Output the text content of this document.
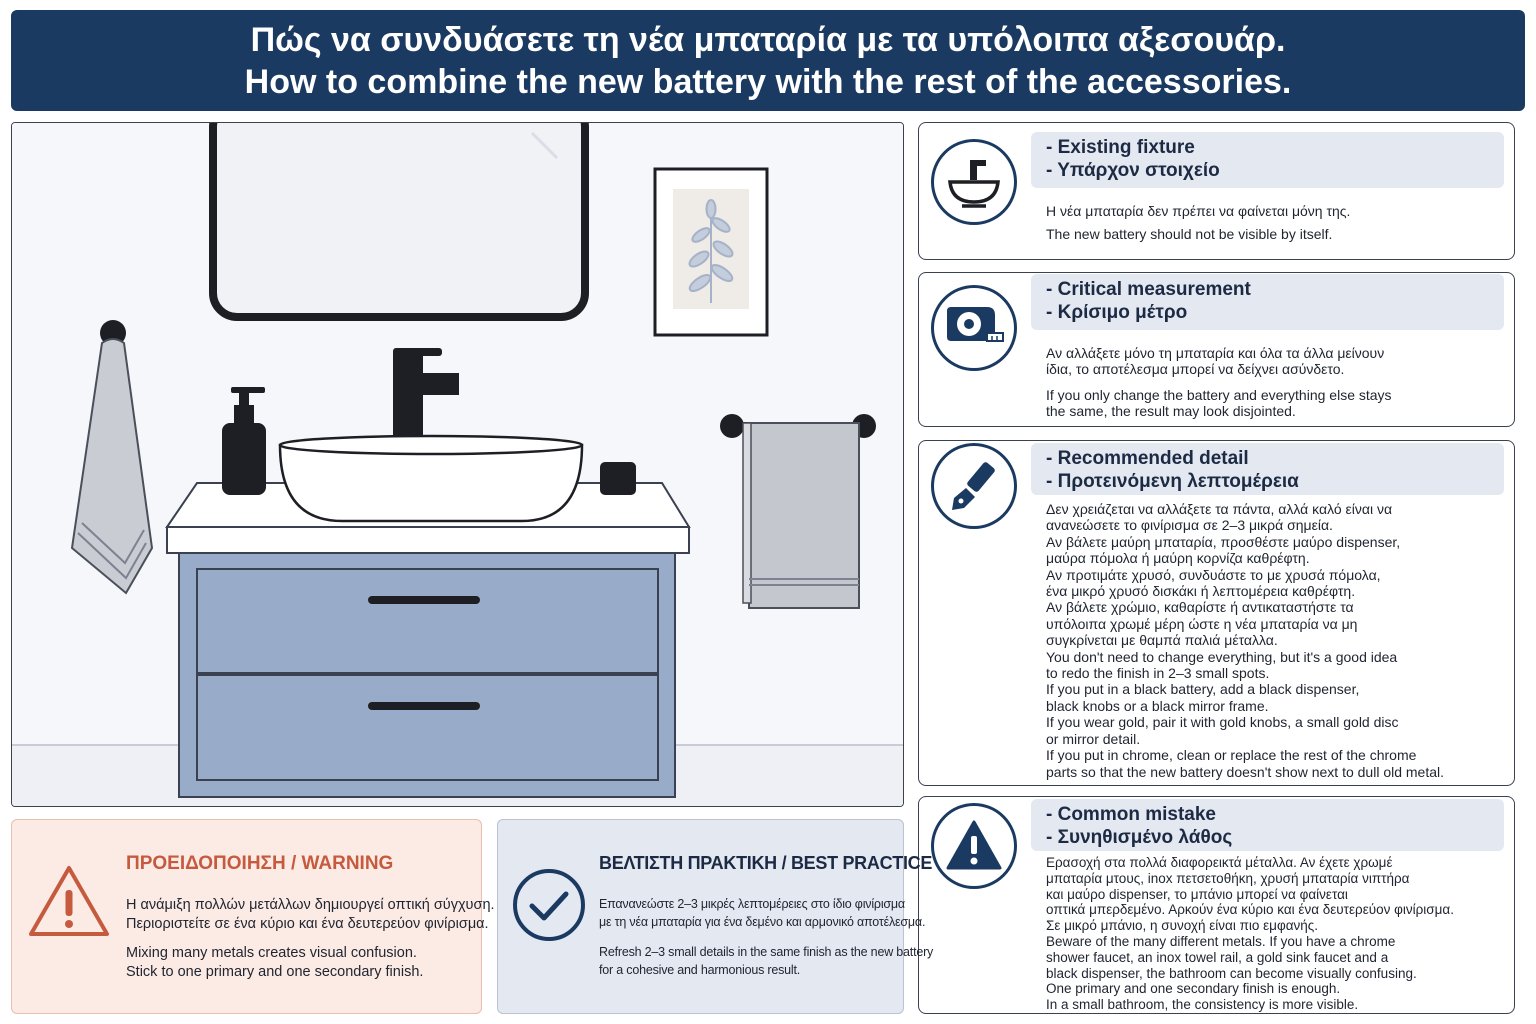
Πώς να συνδυάσετε τη νέα μπαταρία με τα υπόλοιπα αξεσουάρ.
How to combine the new battery with the rest of the accessories.
- Existing fixture
- Υπάρχον στοιχείο

Η νέα μπαταρία δεν πρέπει να φαίνεται μόνη της.

The new battery should not be visible by itself.

- Critical measurement
- Κρίσιμο μέτρο

Αν αλλάξετε μόνο τη μπαταρία και όλα τα άλλα μείνουν

ίδια, το αποτέλεσμα μπορεί να δείχνει ασύνδετο.

If you only change the battery and everything else stays

the same, the result may look disjointed.

- Recommended detail
- Προτεινόμενη λεπτομέρεια

Δεν χρειάζεται να αλλάξετε τα πάντα, αλλά καλό είναι να

ανανεώσετε το φινίρισμα σε 2–3 μικρά σημεία.

Αν βάλετε μαύρη μπαταρία, προσθέστε μαύρο dispenser,

μαύρα πόμολα ή μαύρη κορνίζα καθρέφτη.

Αν προτιμάτε χρυσό, συνδυάστε το με χρυσά πόμολα,

ένα μικρό χρυσό δισκάκι ή λεπτομέρεια καθρέφτη.

Αν βάλετε χρώμιο, καθαρίστε ή αντικαταστήστε τα

υπόλοιπα χρωμέ μέρη ώστε η νέα μπαταρία να μη

συγκρίνεται με θαμπά παλιά μέταλλα.

You don't need to change everything, but it's a good idea

to redo the finish in 2–3 small spots.

If you put in a black battery, add a black dispenser,

black knobs or a black mirror frame.

If you wear gold, pair it with gold knobs, a small gold disc

or mirror detail.

If you put in chrome, clean or replace the rest of the chrome

parts so that the new battery doesn't show next to dull old metal.

- Common mistake
- Συνηθισμένο λάθος

Ερασοχή στα πολλά διαφορεικτά μέταλλα. Αν έχετε χρωμέ

μπαταρία μτους, inox πετσετοθήκη, χρυσή μπαταρία νιπτήρα

και μαύρο dispenser, το μπάνιο μπορεί να φαίνεται

οπτικά μπερδεμένο. Αρκούν ένα κύριο και ένα δευτερεύον φινίρισμα.

Σε μικρό μπάνιο, η συνοχή είναι πιο εμφανής.

Beware of the many different metals. If you have a chrome

shower faucet, an inox towel rail, a gold sink faucet and a

black dispenser, the bathroom can become visually confusing.

One primary and one secondary finish is enough.

In a small bathroom, the consistency is more visible.

ΠΡΟΕΙΔΟΠΟΙΗΣΗ / WARNING

Η ανάμιξη πολλών μετάλλων δημιουργεί οπτική σύγχυση.

Περιοριστείτε σε ένα κύριο και ένα δευτερεύον φινίρισμα.

Mixing many metals creates visual confusion.

Stick to one primary and one secondary finish.

ΒΕΛΤΙΣΤΗ ΠΡΑΚΤΙΚΗ / BEST PRACTICE

Επανανεώστε 2–3 μικρές λεπτομέρειες στο ίδιο φινίρισμα

με τη νέα μπαταρία για ένα δεμένο και αρμονικό αποτέλεσμα.

Refresh 2–3 small details in the same finish as the new battery

for a cohesive and harmonious result.
